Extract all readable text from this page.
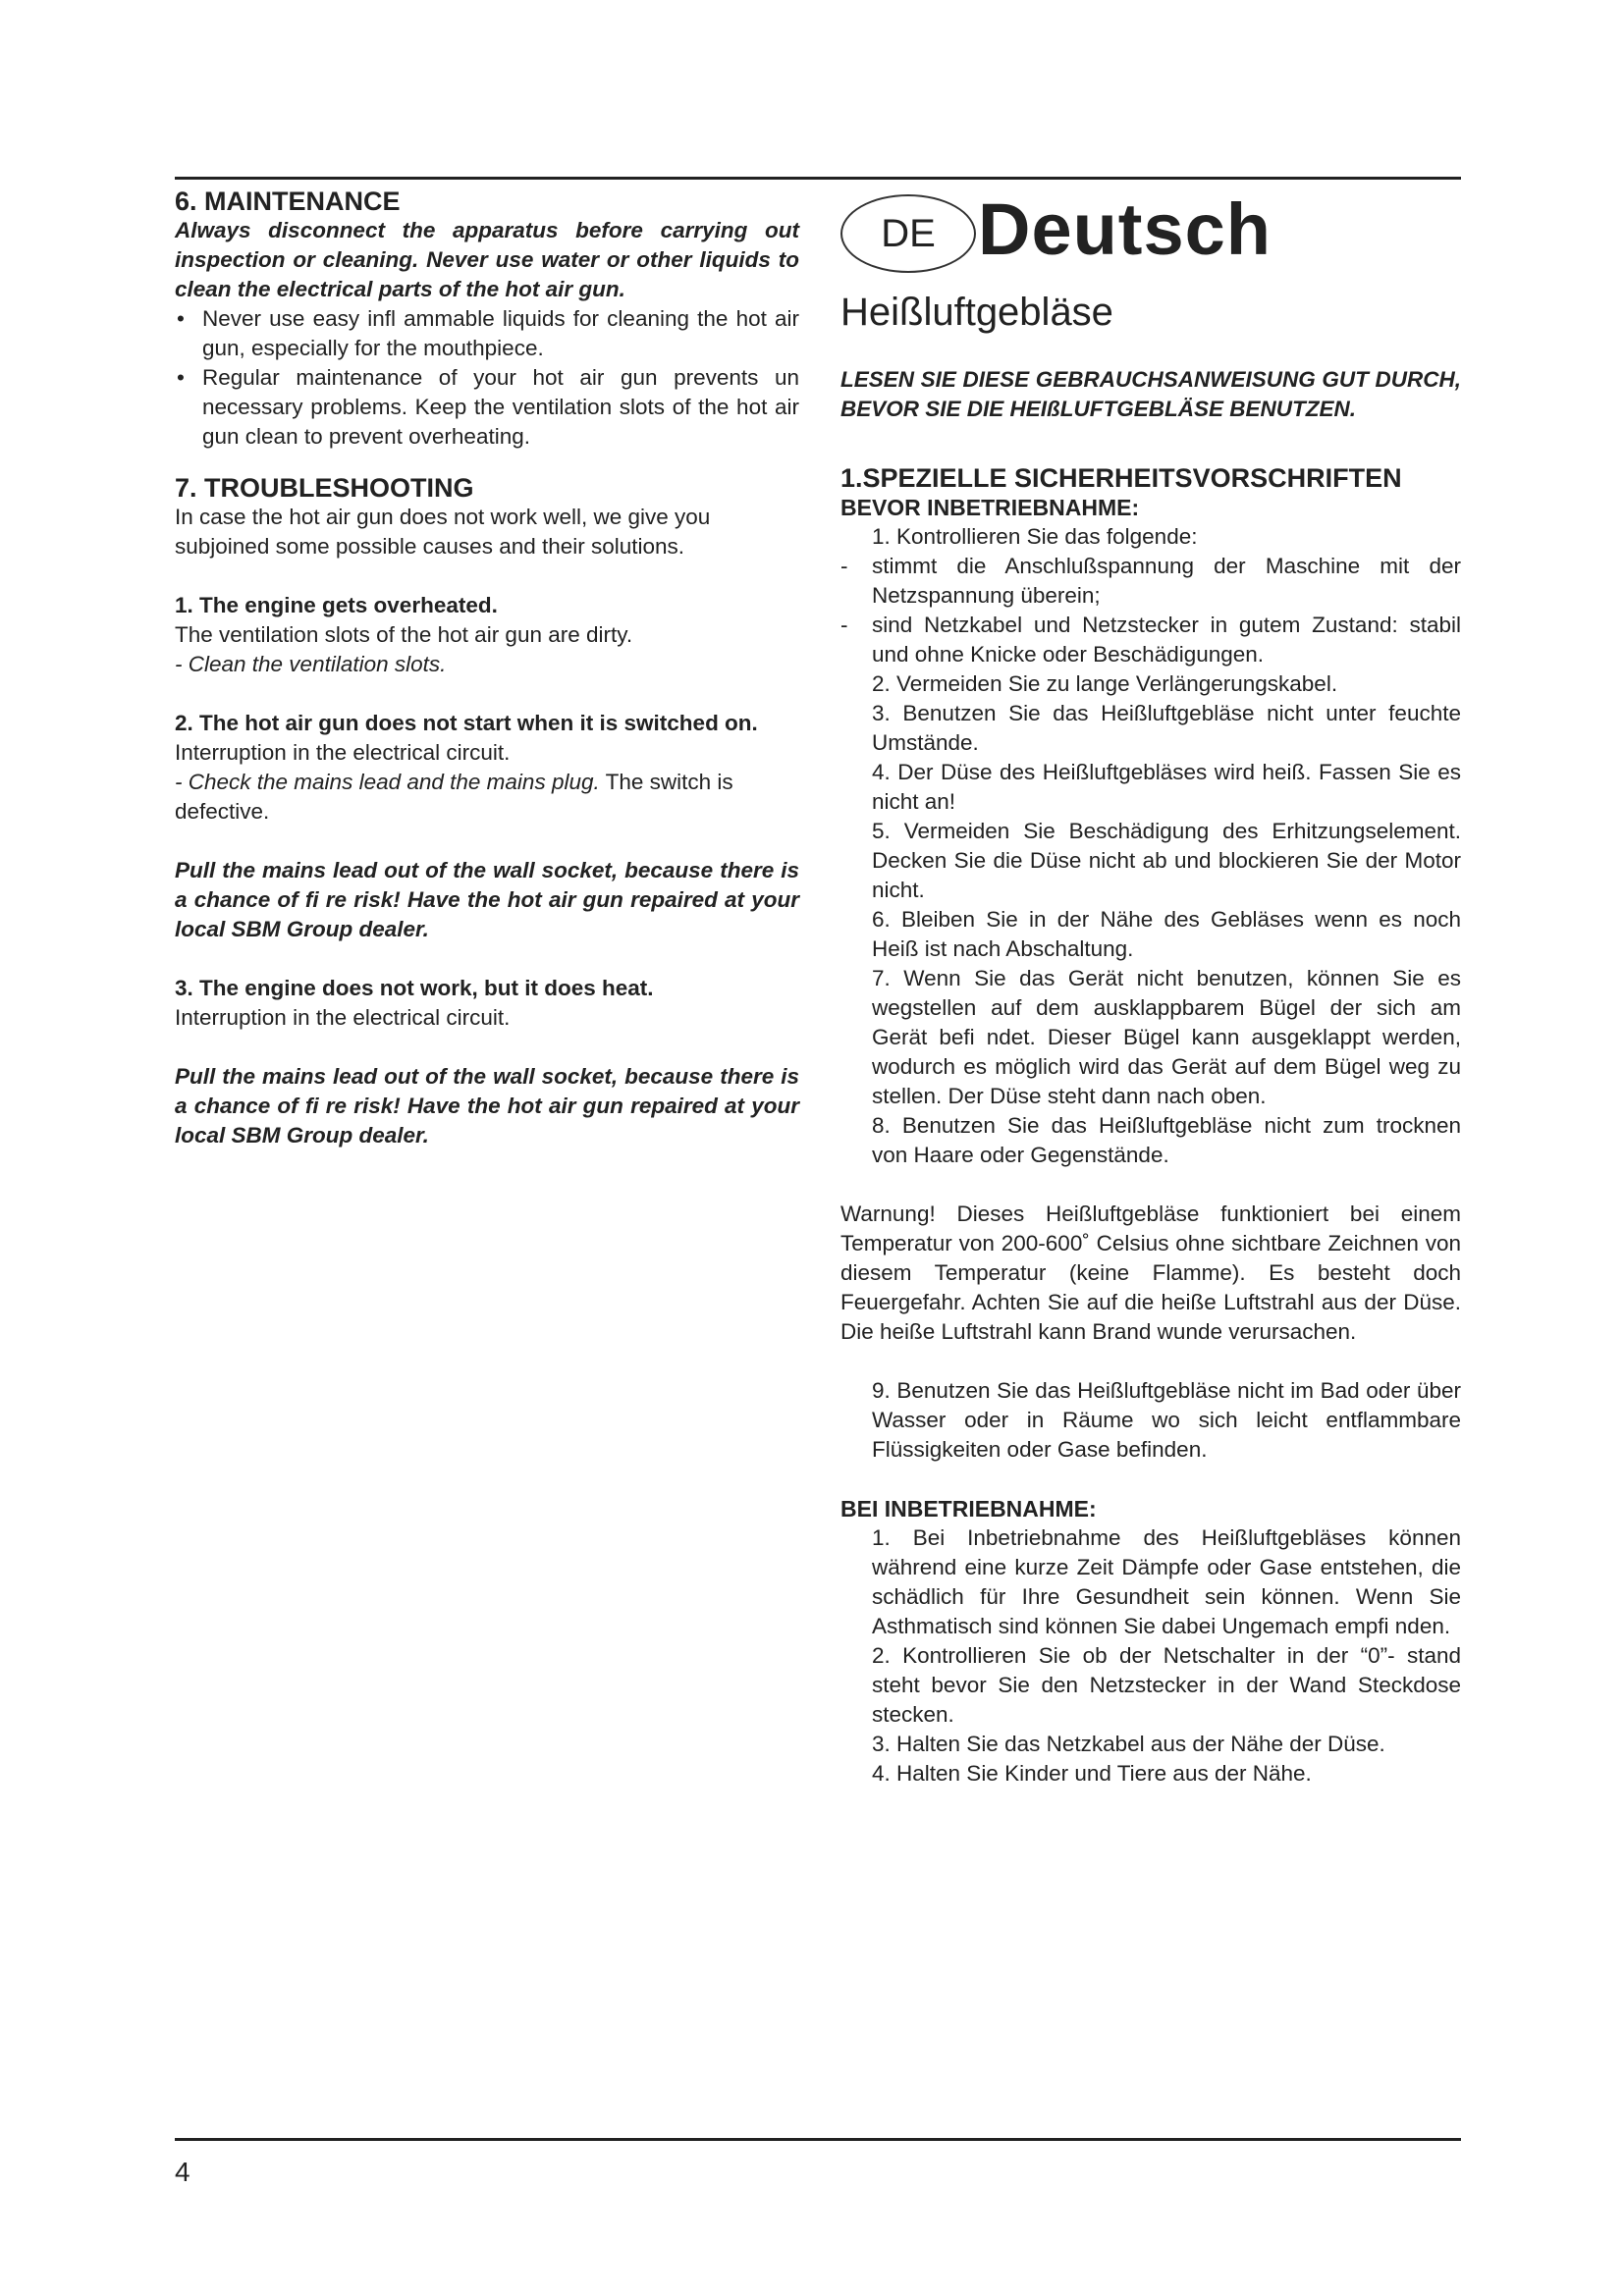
6. MAINTENANCE

Always disconnect the apparatus before carrying out inspection or cleaning. Never use water or other liquids to clean the electrical parts of the hot air gun.

• Never use easy infl ammable liquids for cleaning the hot air gun, especially for the mouthpiece.
• Regular maintenance of your hot air gun prevents un necessary problems. Keep the ventilation slots of the hot air gun clean to prevent overheating.
7. TROUBLESHOOTING

In case the hot air gun does not work well, we give you subjoined some possible causes and their solutions.

1. The engine gets overheated.

The ventilation slots of the hot air gun are dirty.

- Clean the ventilation slots.

2. The hot air gun does not start when it is switched on.

Interruption in the electrical circuit.

- Check the mains lead and the mains plug. The switch is defective.

Pull the mains lead out of the wall socket, because there is a chance of fi re risk! Have the hot air gun repaired at your local SBM Group dealer.

3. The engine does not work, but it does heat.

Interruption in the electrical circuit.

Pull the mains lead out of the wall socket, because there is a chance of fi re risk! Have the hot air gun repaired at your local SBM Group dealer.

DE Deutsch

Heißluftgebläse

LESEN SIE DIESE GEBRAUCHSANWEISUNG GUT DURCH, BEVOR SIE DIE HEIßLUFTGEBLÄSE BENUTZEN.

1.SPEZIELLE SICHERHEITSVORSCHRIFTEN

BEVOR INBETRIEBNAHME:

1. Kontrollieren Sie das folgende:
- stimmt die Anschlußspannung der Maschine mit der Netzspannung überein;
- sind Netzkabel und Netzstecker in gutem Zustand: stabil und ohne Knicke oder Beschädigungen.
2. Vermeiden Sie zu lange Verlängerungskabel.
3. Benutzen Sie das Heißluftgebläse nicht unter feuchte Umstände.
4. Der Düse des Heißluftgebläses wird heiß. Fassen Sie es nicht an!
5. Vermeiden Sie Beschädigung des Erhitzungselement. Decken Sie die Düse nicht ab und blockieren Sie der Motor nicht.
6. Bleiben Sie in der Nähe des Gebläses wenn es noch Heiß ist nach Abschaltung.
7. Wenn Sie das Gerät nicht benutzen, können Sie es wegstellen auf dem ausklappbarem Bügel der sich am Gerät befi ndet. Dieser Bügel kann ausgeklappt werden, wodurch es möglich wird das Gerät auf dem Bügel weg zu stellen. Der Düse steht dann nach oben.
8. Benutzen Sie das Heißluftgebläse nicht zum trocknen von Haare oder Gegenstände.

Warnung! Dieses Heißluftgebläse funktioniert bei einem Temperatur von 200-600˚ Celsius ohne sichtbare Zeichnen von diesem Temperatur (keine Flamme). Es besteht doch Feuergefahr. Achten Sie auf die heiße Luftstrahl aus der Düse. Die heiße Luftstrahl kann Brand wunde verursachen.

9. Benutzen Sie das Heißluftgebläse nicht im Bad oder über Wasser oder in Räume wo sich leicht entflammbare Flüssigkeiten oder Gase befinden.

BEI INBETRIEBNAHME:

1. Bei Inbetriebnahme des Heißluftgebläses können während eine kurze Zeit Dämpfe oder Gase entstehen, die schädlich für Ihre Gesundheit sein können. Wenn Sie Asthmatisch sind können Sie dabei Ungemach empfi nden.
2. Kontrollieren Sie ob der Netschalter in der “0”- stand steht bevor Sie den Netzstecker in der Wand Steckdose stecken.
3. Halten Sie das Netzkabel aus der Nähe der Düse.
4. Halten Sie Kinder und Tiere aus der Nähe.
4
